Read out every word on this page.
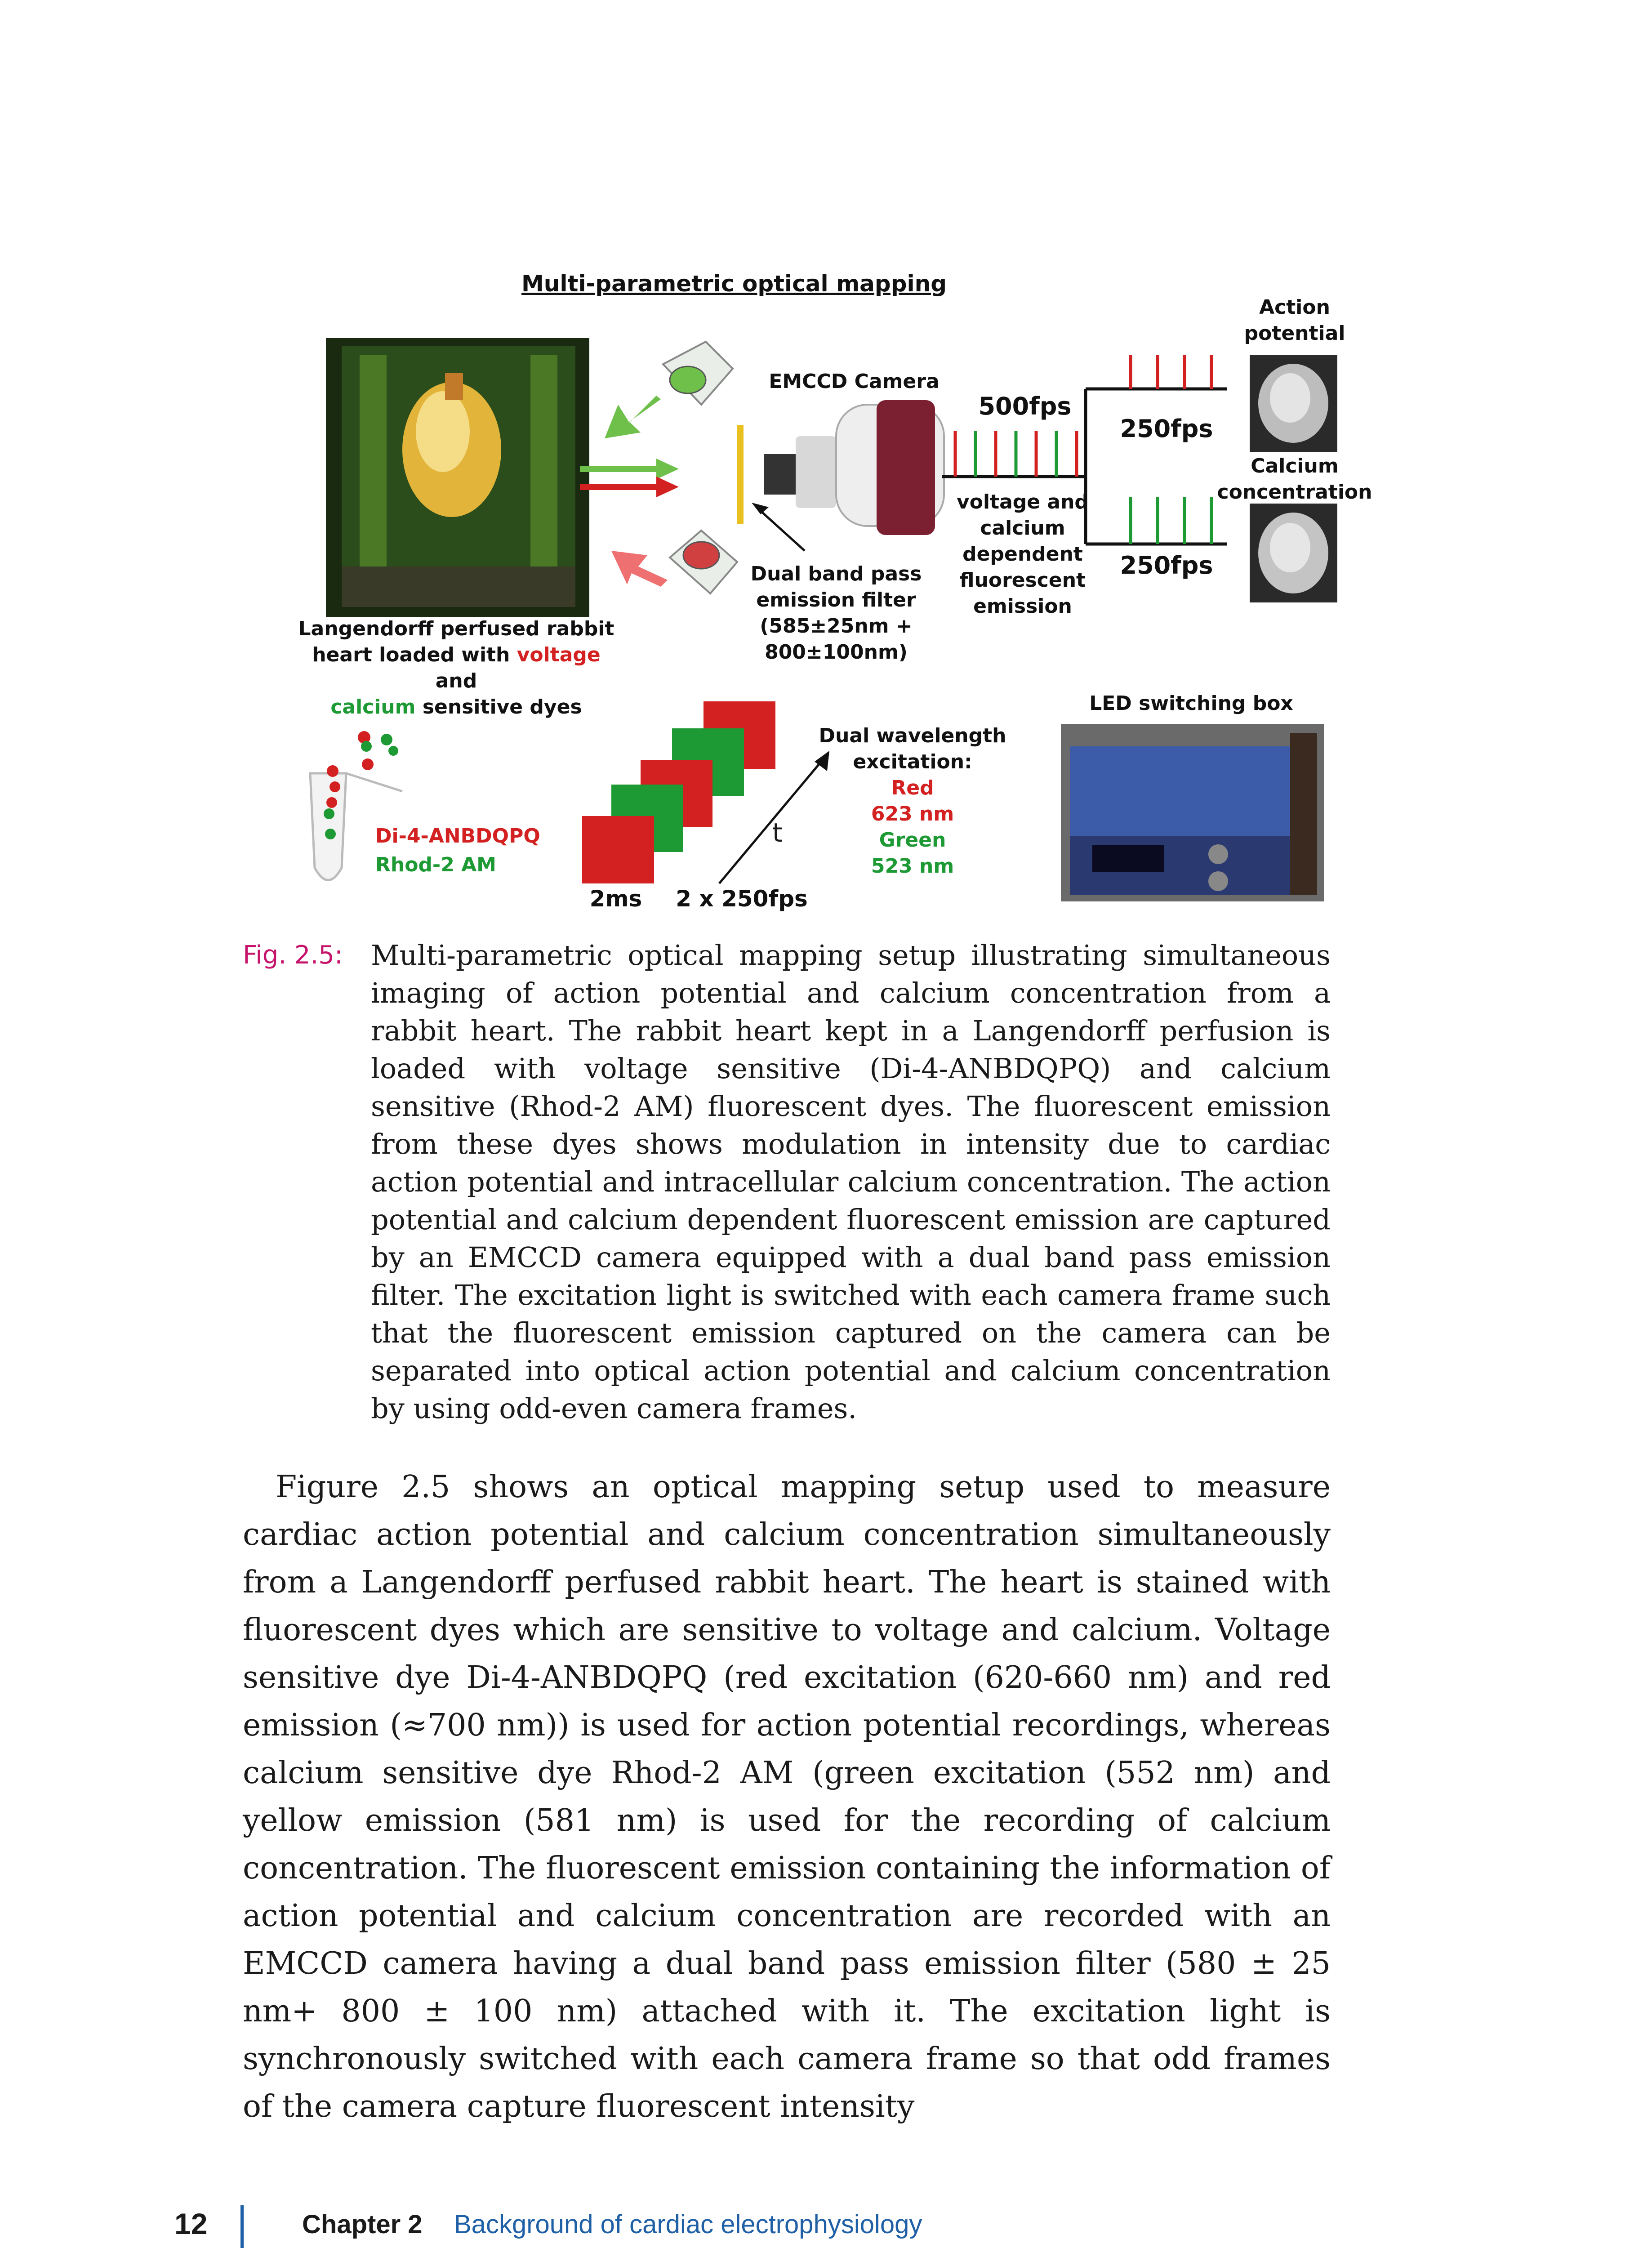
Multi-parametric optical mapping
Langendorff perfused rabbit
heart loaded with voltage and
calcium sensitive dyes
EMCCD Camera
Dual band pass
emission filter
(585±25nm +
800±100nm)
500fps
voltage and
calcium
dependent
fluorescent
emission
250fps
250fps
Action
potential
Calcium
concentration
Di-4-ANBDQPQ
Rhod-2 AM
2ms 2 x 250fps
t
Dual wavelength
excitation:
Red
623 nm
Green
523 nm
LED switching box
Fig. 2.5: Multi-parametric optical mapping setup illustrating simultaneous imaging of action potential and calcium concentration from a rabbit heart. The rabbit heart kept in a Langendorff perfusion is loaded with voltage sensitive (Di-4-ANBDQPQ) and calcium sensitive (Rhod-2 AM) fluorescent dyes. The fluorescent emission from these dyes shows modulation in intensity due to cardiac action potential and intracellular calcium concentration. The action potential and calcium dependent fluorescent emission are captured by an EMCCD camera equipped with a dual band pass emission filter. The excitation light is switched with each camera frame such that the fluorescent emission captured on the camera can be separated into optical action potential and calcium concentration by using odd-even camera frames.
Figure 2.5 shows an optical mapping setup used to measure cardiac action potential and calcium concentration simultaneously from a Langendorff perfused rabbit heart. The heart is stained with fluorescent dyes which are sensitive to voltage and calcium. Voltage sensitive dye Di-4-ANBDQPQ (red excitation (620-660 nm) and red emission (≈700 nm)) is used for action potential recordings, whereas calcium sensitive dye Rhod-2 AM (green excitation (552 nm) and yellow emission (581 nm) is used for the recording of calcium concentration. The fluorescent emission containing the information of action potential and calcium concentration are recorded with an EMCCD camera having a dual band pass emission filter (580 ± 25 nm+ 800 ± 100 nm) attached with it. The excitation light is synchronously switched with each camera frame so that odd frames of the camera capture fluorescent intensity
12	Chapter 2 Background of cardiac electrophysiology
